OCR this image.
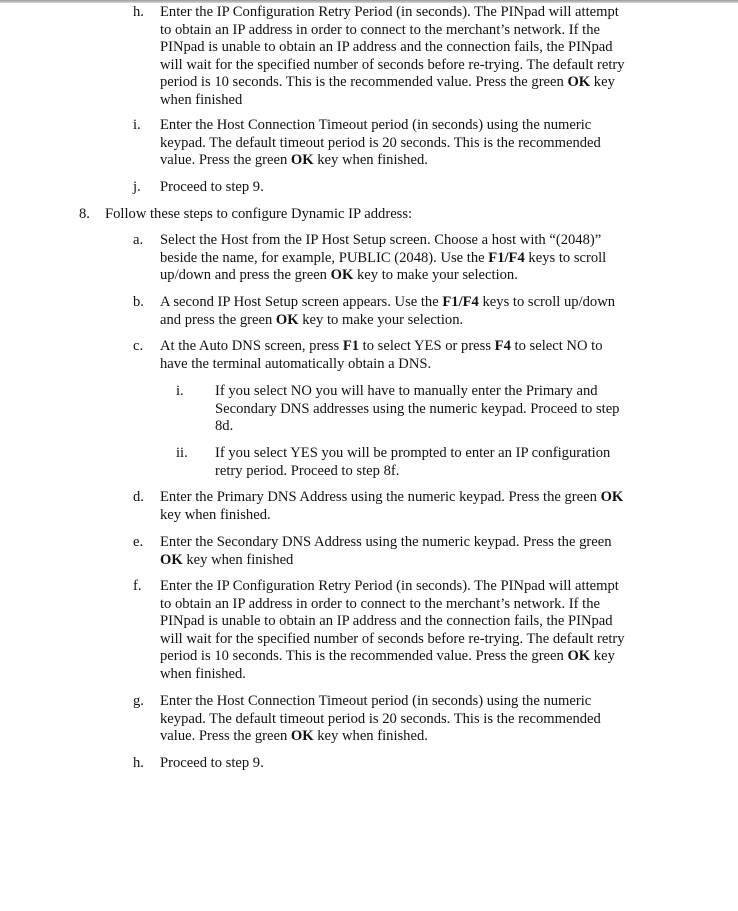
h. Enter the IP Configuration Retry Period (in seconds). The PINpad will attempt to obtain an IP address in order to connect to the merchant’s network. If the PINpad is unable to obtain an IP address and the connection fails, the PINpad will wait for the specified number of seconds before re-trying. The default retry period is 10 seconds. This is the recommended value. Press the green OK key when finished
i. Enter the Host Connection Timeout period (in seconds) using the numeric keypad. The default timeout period is 20 seconds. This is the recommended value. Press the green OK key when finished.
j. Proceed to step 9.
8. Follow these steps to configure Dynamic IP address:
a. Select the Host from the IP Host Setup screen. Choose a host with “(2048)” beside the name, for example, PUBLIC (2048). Use the F1/F4 keys to scroll up/down and press the green OK key to make your selection.
b. A second IP Host Setup screen appears. Use the F1/F4 keys to scroll up/down and press the green OK key to make your selection.
c. At the Auto DNS screen, press F1 to select YES or press F4 to select NO to have the terminal automatically obtain a DNS.
i. If you select NO you will have to manually enter the Primary and Secondary DNS addresses using the numeric keypad. Proceed to step 8d.
ii. If you select YES you will be prompted to enter an IP configuration retry period. Proceed to step 8f.
d. Enter the Primary DNS Address using the numeric keypad. Press the green OK key when finished.
e. Enter the Secondary DNS Address using the numeric keypad. Press the green OK key when finished
f. Enter the IP Configuration Retry Period (in seconds). The PINpad will attempt to obtain an IP address in order to connect to the merchant’s network. If the PINpad is unable to obtain an IP address and the connection fails, the PINpad will wait for the specified number of seconds before re-trying. The default retry period is 10 seconds. This is the recommended value. Press the green OK key when finished.
g. Enter the Host Connection Timeout period (in seconds) using the numeric keypad. The default timeout period is 20 seconds. This is the recommended value. Press the green OK key when finished.
h. Proceed to step 9.
